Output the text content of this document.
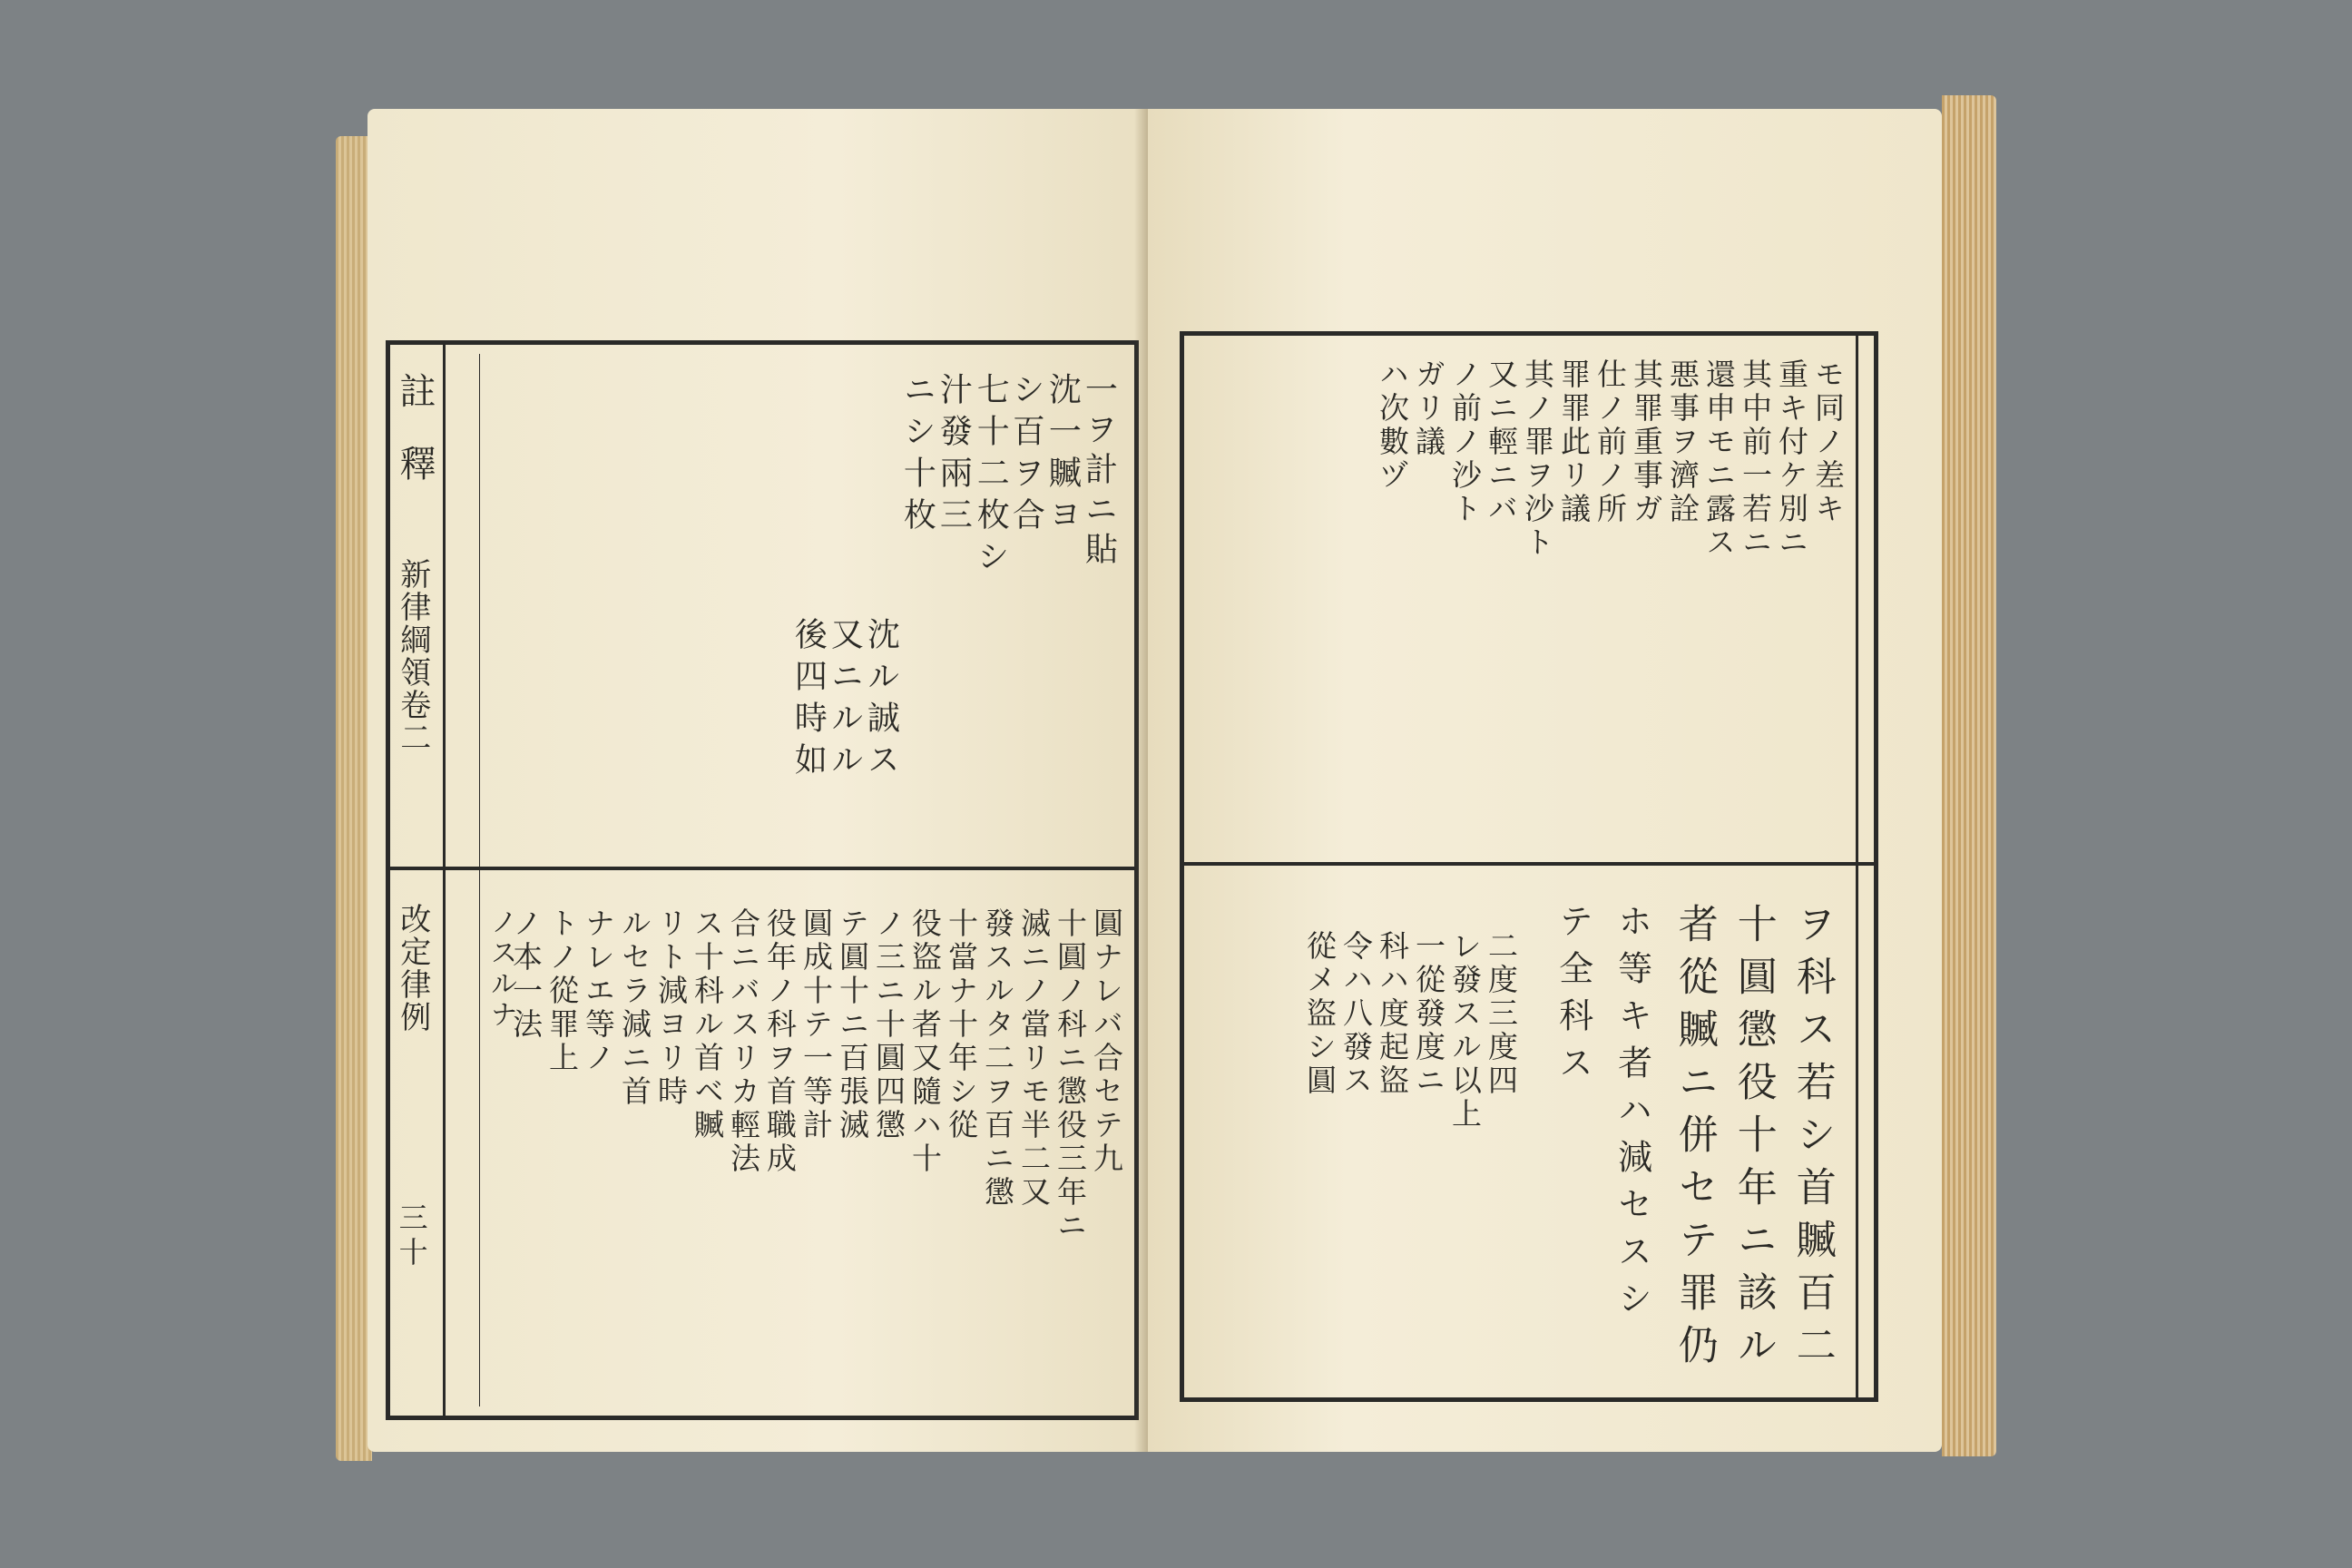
註
釋
新律綱領卷二
改定律例
三十
七十二枚シ
汁發兩三
ニシ十枚	沈一贓ヨ
シ百ヲ合 一ヲ計ニ貼
沈ル誠ス
又ニルル
後四時如
圓ナレバ合セテ九
十圓ノ科ニ懲役三年ニ
滅ニノ當リモ半二又
發スルタ二ヲ百ニ懲
十當ナ十年シ從
役盜ル者又隨ハ十
ノ三ニ十圓四懲
テ圓十ニ百張滅
圓成十テ一等計
役年ノ科ヲ首職成
合ニバスリカ輕法
ス十科ル首ベ贓
リト減ヨリ時
ルセラ減ニ首
ナレエ等ノ
トノ從罪上
ノ本一法
ノスルナ
モ同ノ差キ
重キ付ケ別ニ
其中前一若ニ
還申モニ露ス
悪事ヲ濟詮
其罪重事ガ
仕ノ前ノ所
罪罪此リ議
其ノ罪ヲ沙ト
又ニ輕ニバ
ノ前ノ沙ト
ガリ議
ハ次數ヅ
ヲ科ス若シ首贓百二
十圓懲役十年ニ該ル
者從贓ニ併セテ罪仍
ホ等キ者ハ減セスシ
テ全科ス
二度三度四
レ發スル以上
一從發度ニ
科ハ度起盜
令ハ八發ス
從メ盜シ圓
